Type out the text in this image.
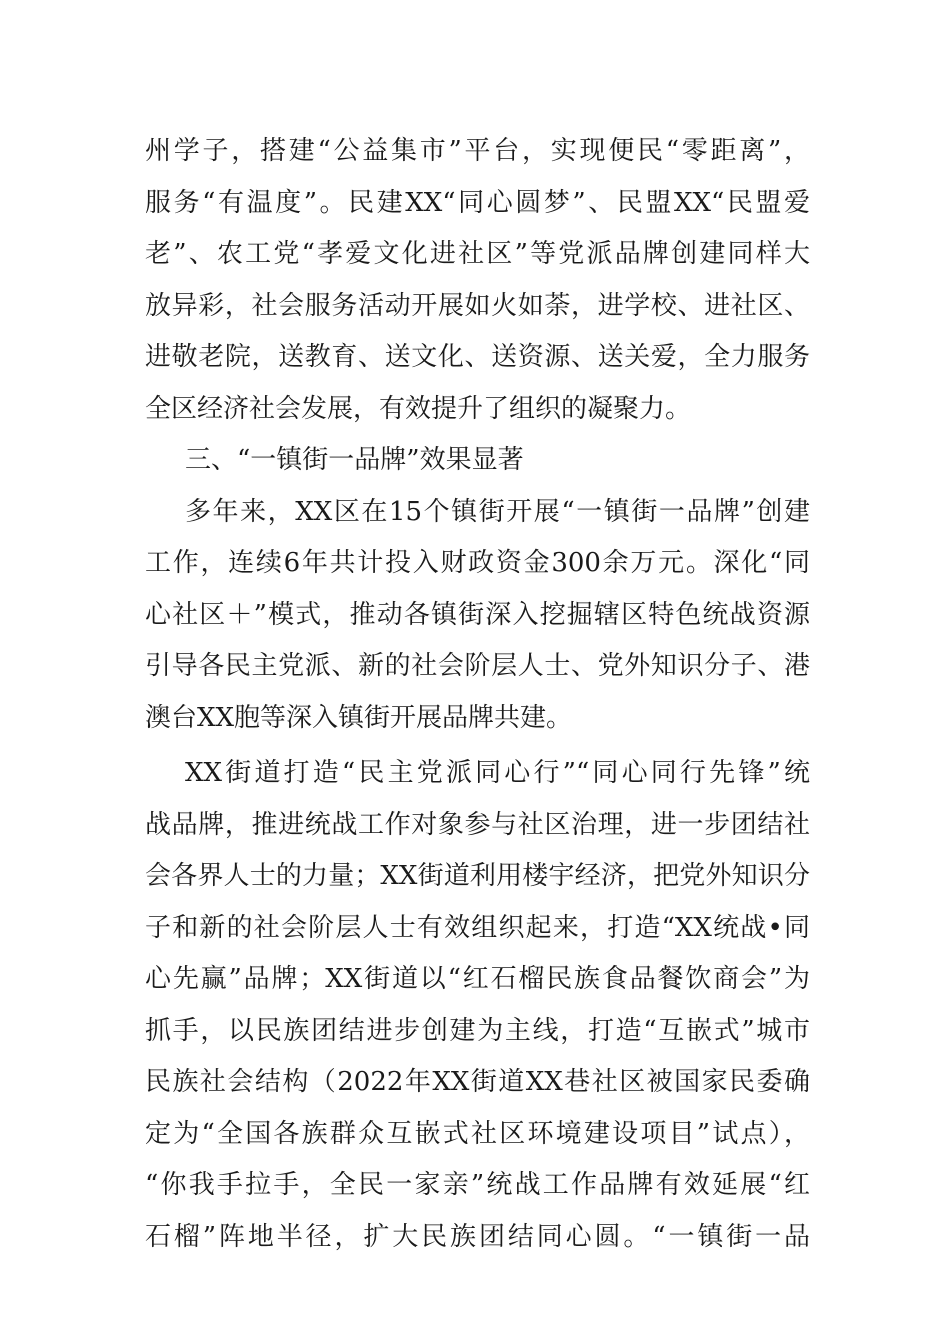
州学子，搭建“公益集市”平台，实现便民“零距离”，
服务“有温度”。民建XX“同心圆梦”、民盟XX“民盟爱
老”、农工党“孝爱文化进社区”等党派品牌创建同样大
放异彩，社会服务活动开展如火如荼，进学校、进社区、
进敬老院，送教育、送文化、送资源、送关爱，全力服务
全区经济社会发展，有效提升了组织的凝聚力。
三、“一镇街一品牌”效果显著
多年来，XX区在15个镇街开展“一镇街一品牌”创建
工作，连续6年共计投入财政资金300余万元。深化“同
心社区＋”模式，推动各镇街深入挖掘辖区特色统战资源
引导各民主党派、新的社会阶层人士、党外知识分子、港
澳台XX胞等深入镇街开展品牌共建。
XX街道打造“民主党派同心行”“同心同行先锋”统
战品牌，推进统战工作对象参与社区治理，进一步团结社
会各界人士的力量；XX街道利用楼宇经济，把党外知识分
子和新的社会阶层人士有效组织起来，打造“XX统战•同
心先赢”品牌；XX街道以“红石榴民族食品餐饮商会”为
抓手，以民族团结进步创建为主线，打造“互嵌式”城市
民族社会结构（2022年XX街道XX巷社区被国家民委确
定为“全国各族群众互嵌式社区环境建设项目”试点），
“你我手拉手，全民一家亲”统战工作品牌有效延展“红
石榴”阵地半径，扩大民族团结同心圆。“一镇街一品
